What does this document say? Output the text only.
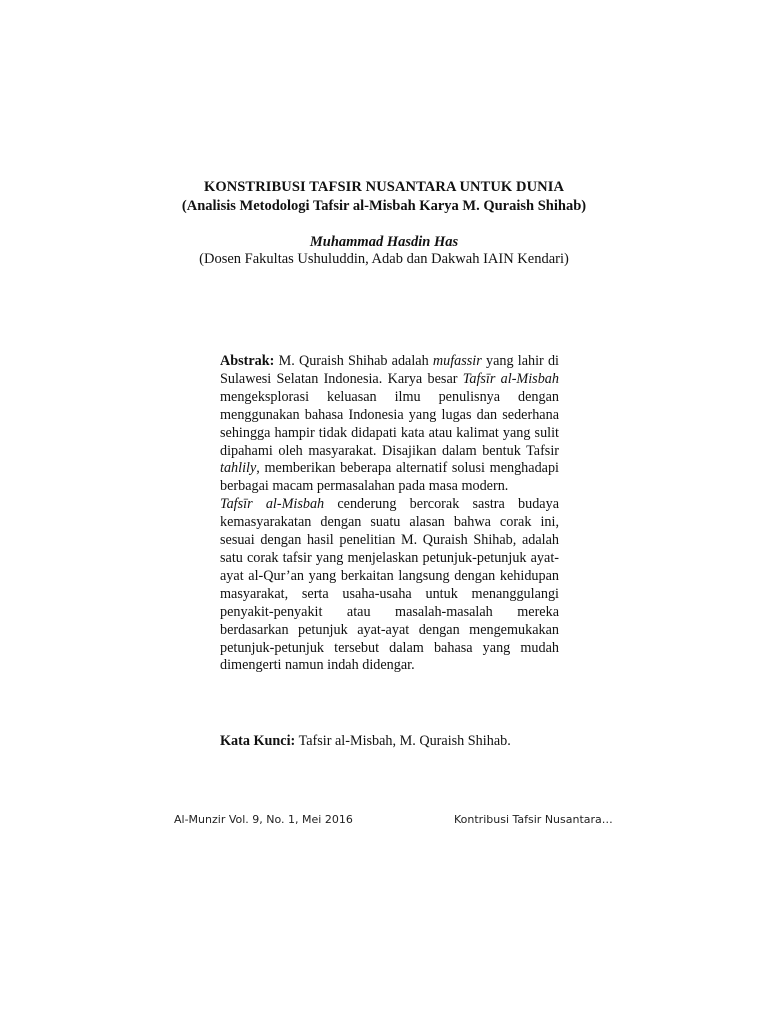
KONSTRIBUSI TAFSIR NUSANTARA UNTUK DUNIA
(Analisis Metodologi Tafsir al-Misbah Karya M. Quraish Shihab)
Muhammad Hasdin Has
(Dosen Fakultas Ushuluddin, Adab dan Dakwah IAIN Kendari)

Abstrak: M. Quraish Shihab adalah mufassir yang lahir di Sulawesi Selatan Indonesia. Karya besar Tafsīr al-Misbah mengeksplorasi keluasan ilmu penulisnya dengan menggunakan bahasa Indonesia yang lugas dan sederhana sehingga hampir tidak didapati kata atau kalimat yang sulit dipahami oleh masyarakat. Disajikan dalam bentuk Tafsir tahlily, memberikan beberapa alternatif solusi menghadapi berbagai macam permasalahan pada masa modern.

Tafsīr al-Misbah cenderung bercorak sastra budaya kemasyarakatan dengan suatu alasan bahwa corak ini, sesuai dengan hasil penelitian M. Quraish Shihab, adalah satu corak tafsir yang menjelaskan petunjuk-petunjuk ayat-ayat al-Qur’an yang berkaitan langsung dengan kehidupan masyarakat, serta usaha-usaha untuk menanggulangi penyakit-penyakit atau masalah-masalah mereka berdasarkan petunjuk ayat-ayat dengan mengemukakan petunjuk-petunjuk tersebut dalam bahasa yang mudah dimengerti namun indah didengar.

Kata Kunci: Tafsir al-Misbah, M. Quraish Shihab.
Al-Munzir Vol. 9, No. 1, Mei 2016	Kontribusi Tafsir Nusantara…
